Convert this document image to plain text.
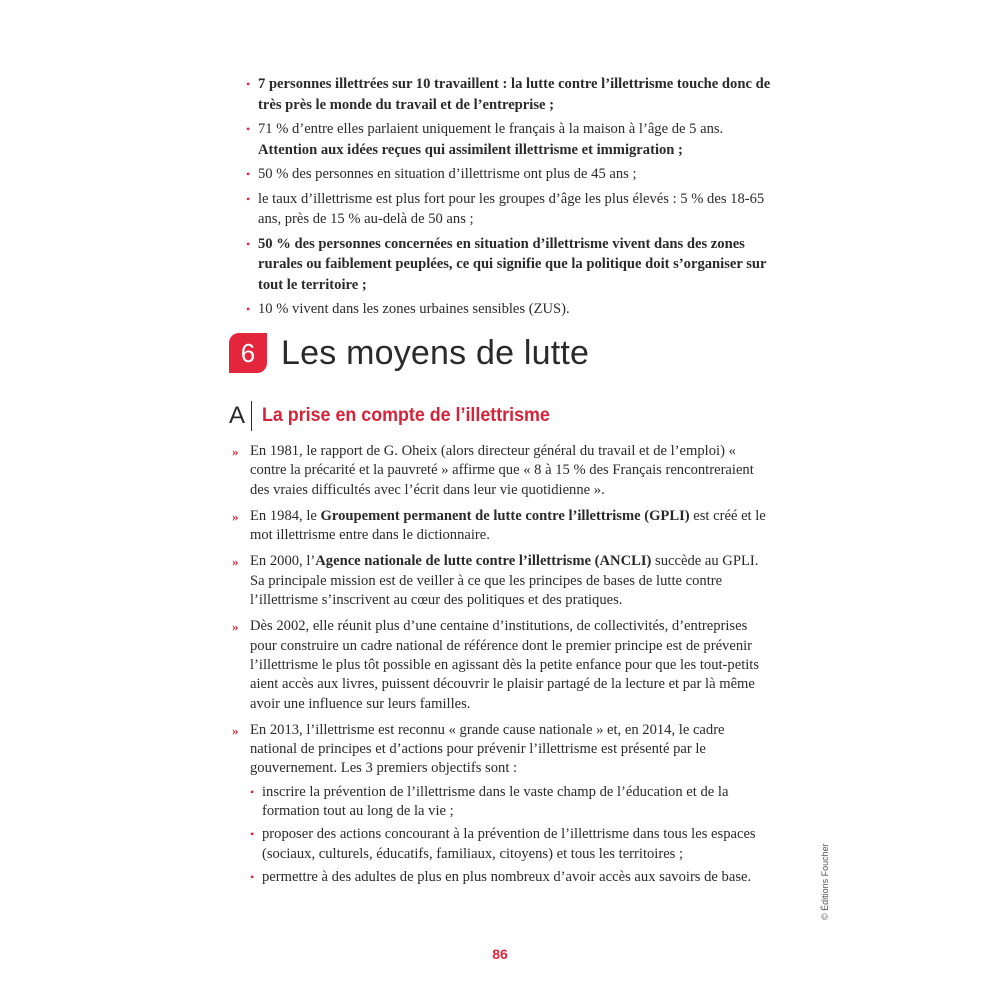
• 7 personnes illettrées sur 10 travaillent : la lutte contre l’illettrisme touche donc de très près le monde du travail et de l’entreprise ;
• 71 % d’entre elles parlaient uniquement le français à la maison à l’âge de 5 ans. Attention aux idées reçues qui assimilent illettrisme et immigration ;
• 50 % des personnes en situation d’illettrisme ont plus de 45 ans ;
• le taux d’illettrisme est plus fort pour les groupes d’âge les plus élevés : 5 % des 18-65 ans, près de 15 % au-delà de 50 ans ;
• 50 % des personnes concernées en situation d’illettrisme vivent dans des zones rurales ou faiblement peuplées, ce qui signifie que la politique doit s’organiser sur tout le territoire ;
• 10 % vivent dans les zones urbaines sensibles (ZUS).
6 Les moyens de lutte
A La prise en compte de l’illettrisme
» En 1981, le rapport de G. Oheix (alors directeur général du travail et de l’emploi) « contre la précarité et la pauvreté » affirme que « 8 à 15 % des Français rencontreraient des vraies difficultés avec l’écrit dans leur vie quotidienne ».
» En 1984, le Groupement permanent de lutte contre l’illettrisme (GPLI) est créé et le mot illettrisme entre dans le dictionnaire.
» En 2000, l’Agence nationale de lutte contre l’illettrisme (ANCLI) succède au GPLI. Sa principale mission est de veiller à ce que les principes de bases de lutte contre l’illettrisme s’inscrivent au cœur des politiques et des pratiques.
» Dès 2002, elle réunit plus d’une centaine d’institutions, de collectivités, d’entreprises pour construire un cadre national de référence dont le premier principe est de prévenir l’illettrisme le plus tôt possible en agissant dès la petite enfance pour que les tout-petits aient accès aux livres, puissent découvrir le plaisir partagé de la lecture et par là même avoir une influence sur leurs familles.
» En 2013, l’illettrisme est reconnu « grande cause nationale » et, en 2014, le cadre national de principes et d’actions pour prévenir l’illettrisme est présenté par le gouvernement. Les 3 premiers objectifs sont :
• inscrire la prévention de l’illettrisme dans le vaste champ de l’éducation et de la formation tout au long de la vie ;
• proposer des actions concourant à la prévention de l’illettrisme dans tous les espaces (sociaux, culturels, éducatifs, familiaux, citoyens) et tous les territoires ;
• permettre à des adultes de plus en plus nombreux d’avoir accès aux savoirs de base.	© Éditions Foucher
86
